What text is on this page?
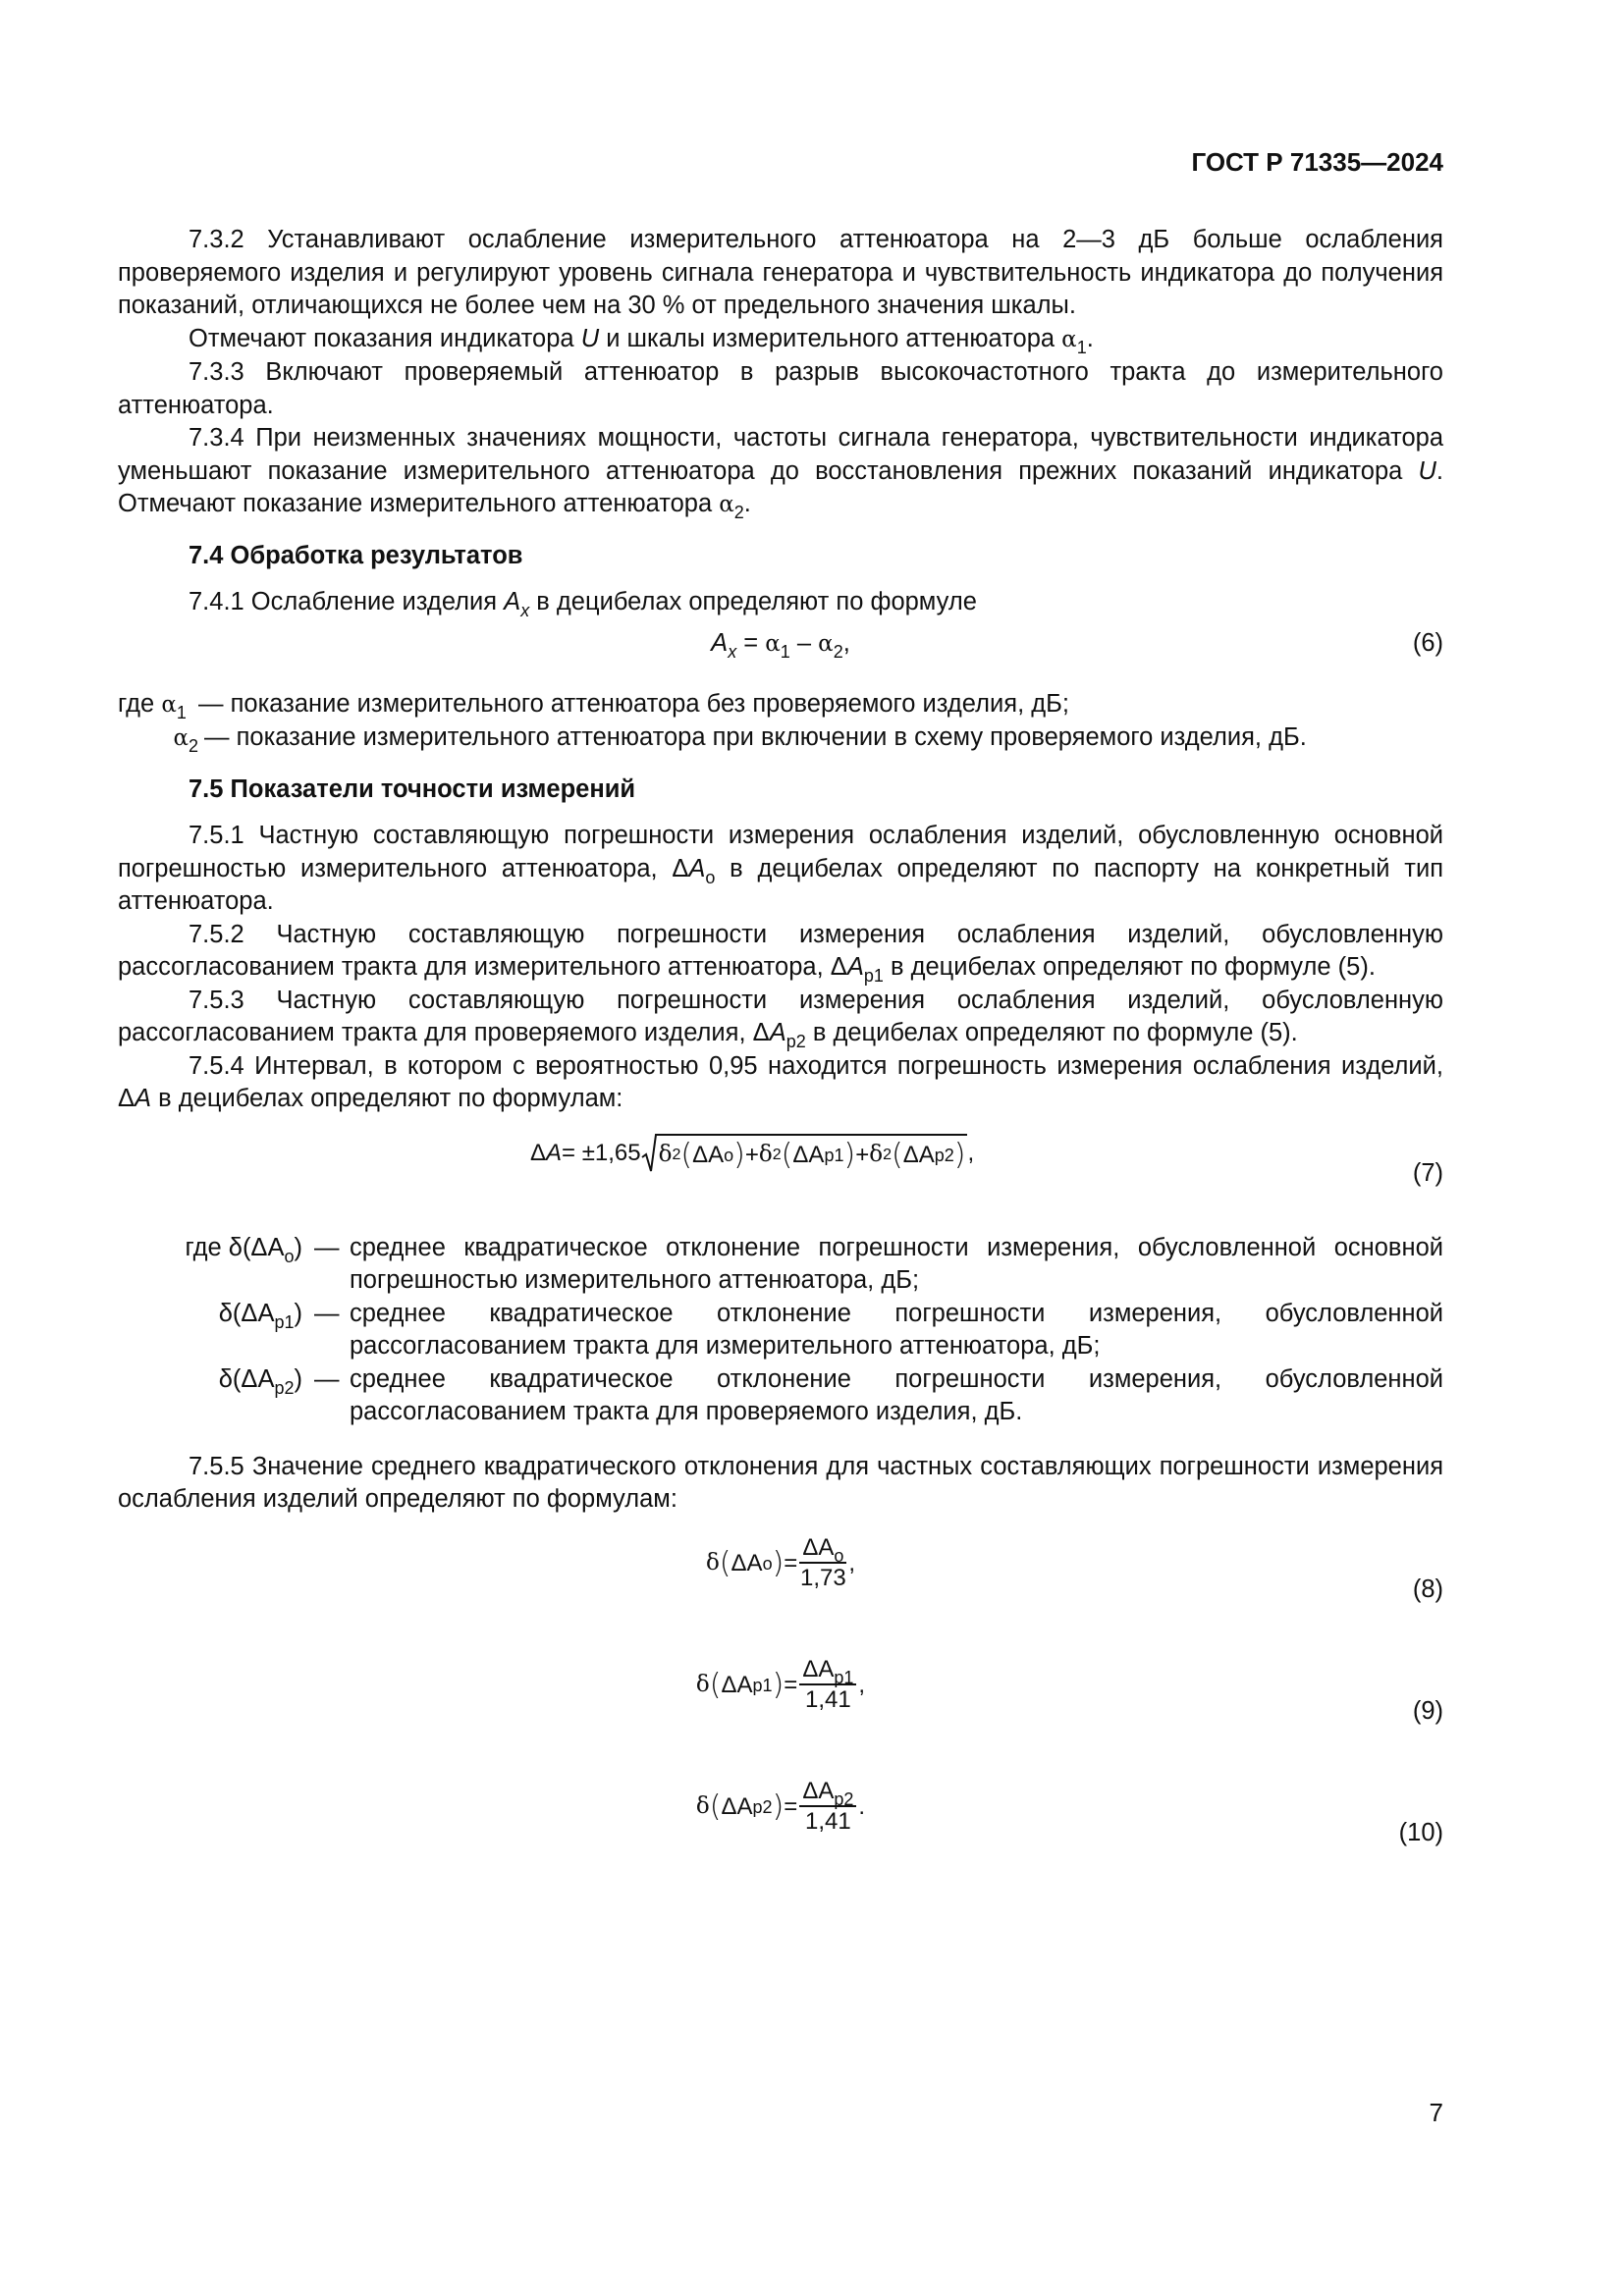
ГОСТ Р 71335—2024

7.3.2 Устанавливают ослабление измерительного аттенюатора на 2—3 дБ больше ослабления проверяемого изделия и регулируют уровень сигнала генератора и чувствительность индикатора до получения показаний, отличающихся не более чем на 30 % от предельного значения шкалы.

Отмечают показания индикатора U и шкалы измерительного аттенюатора $\alpha_1$.

7.3.3 Включают проверяемый аттенюатор в разрыв высокочастотного тракта до измерительного аттенюатора.

7.3.4 При неизменных значениях мощности, частоты сигнала генератора, чувствительности индикатора уменьшают показание измерительного аттенюатора до восстановления прежних показаний индикатора U. Отмечают показание измерительного аттенюатора $\alpha_2$.

7.4 Обработка результатов

7.4.1 Ослабление изделия $A_x$ в децибелах определяют по формуле

$A_x = \alpha_1 - \alpha_2$,	(6)
где $\alpha_1$ — показание измерительного аттенюатора без проверяемого изделия, дБ;
$\alpha_2$ — показание измерительного аттенюатора при включении в схему проверяемого изделия, дБ.

7.5 Показатели точности измерений

7.5.1 Частную составляющую погрешности измерения ослабления изделий, обусловленную основной погрешностью измерительного аттенюатора, $\Delta A_о$ в децибелах определяют по паспорту на конкретный тип аттенюатора.

7.5.2 Частную составляющую погрешности измерения ослабления изделий, обусловленную рассогласованием тракта для измерительного аттенюатора, $\Delta A_{р1}$ в децибелах определяют по формуле (5).

7.5.3 Частную составляющую погрешности измерения ослабления изделий, обусловленную рассогласованием тракта для проверяемого изделия, $\Delta A_{р2}$ в децибелах определяют по формуле (5).

7.5.4 Интервал, в котором с вероятностью 0,95 находится погрешность измерения ослабления изделий, ΔA в децибелах определяют по формулам:

Δ A = ±1,65 δ 2 ( ΔA о ) + δ 2 ( ΔA р1 ) + δ 2 ( ΔA р2 ) ,
(7)
где $\delta(\Delta A_о)$ — среднее квадратическое отклонение погрешности измерения, обусловленной основной погрешностью измерительного аттенюатора, дБ;
$\delta(\Delta A_{р1})$ — среднее квадратическое отклонение погрешности измерения, обусловленной рассогласованием тракта для измерительного аттенюатора, дБ;
$\delta(\Delta A_{р2})$ — среднее квадратическое отклонение погрешности измерения, обусловленной рассогласованием тракта для проверяемого изделия, дБ.

7.5.5 Значение среднего квадратического отклонения для частных составляющих погрешности измерения ослабления изделий определяют по формулам:

δ ( ΔA о ) = $\frac{\Delta A_о}{1,73}$ ,
(8)
δ ( ΔA р1 ) = $\frac{\Delta A_{р1}}{1,41}$ ,
(9)
δ ( ΔA р2 ) = $\frac{\Delta A_{р2}}{1,41}$ .
(10)
7
